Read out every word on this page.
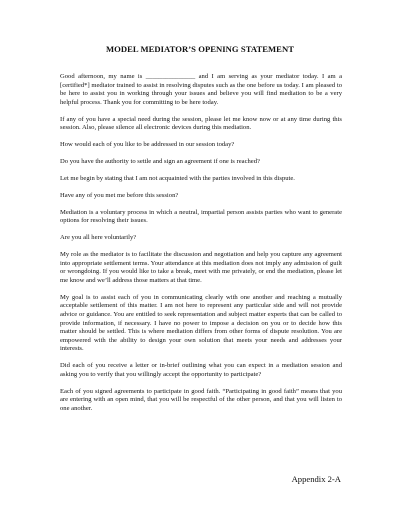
MODEL MEDIATOR’S OPENING STATEMENT

Good afternoon, my name is _______________ and I am serving as your mediator today. I am a [certified*] mediator trained to assist in resolving disputes such as the one before us today. I am pleased to be here to assist you in working through your issues and believe you will find mediation to be a very helpful process. Thank you for committing to be here today.

If any of you have a special need during the session, please let me know now or at any time during this session. Also, please silence all electronic devices during this mediation.

How would each of you like to be addressed in our session today?

Do you have the authority to settle and sign an agreement if one is reached?

Let me begin by stating that I am not acquainted with the parties involved in this dispute.

Have any of you met me before this session?

Mediation is a voluntary process in which a neutral, impartial person assists parties who want to generate options for resolving their issues.

Are you all here voluntarily?

My role as the mediator is to facilitate the discussion and negotiation and help you capture any agreement into appropriate settlement terms. Your attendance at this mediation does not imply any admission of guilt or wrongdoing. If you would like to take a break, meet with me privately, or end the mediation, please let me know and we’ll address those matters at that time.

My goal is to assist each of you in communicating clearly with one another and reaching a mutually acceptable settlement of this matter. I am not here to represent any particular side and will not provide advice or guidance. You are entitled to seek representation and subject matter experts that can be called to provide information, if necessary. I have no power to impose a decision on you or to decide how this matter should be settled. This is where mediation differs from other forms of dispute resolution. You are empowered with the ability to design your own solution that meets your needs and addresses your interests.

Did each of you receive a letter or in-brief outlining what you can expect in a mediation session and asking you to verify that you willingly accept the opportunity to participate?

Each of you signed agreements to participate in good faith. “Participating in good faith” means that you are entering with an open mind, that you will be respectful of the other person, and that you will listen to one another.

Appendix 2-A
